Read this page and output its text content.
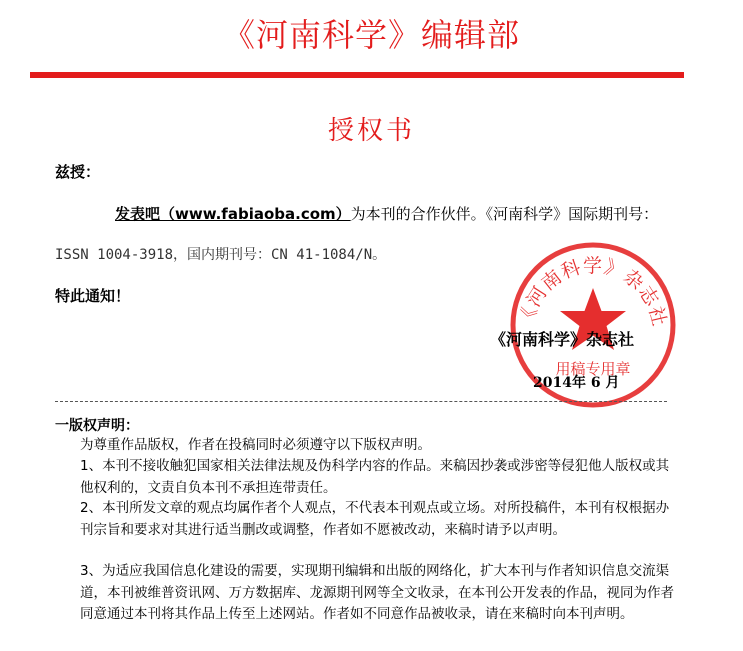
《河南科学》编辑部
授权书
兹授：
发表吧（www.fabiaoba.com）为本刊的合作伙伴。《河南科学》国际期刊号：
ISSN 1004-3918，国内期刊号：CN 41-1084/N。
特此通知！
《河南科学》杂志社
用稿专用章
《河南科学》杂志社
2014年 6 月
一版权声明：
为尊重作品版权，作者在投稿同时必须遵守以下版权声明。
1、本刊不接收触犯国家相关法律法规及伪科学内容的作品。来稿因抄袭或涉密等侵犯他人版权或其他权利的，文责自负本刊不承担连带责任。
2、本刊所发文章的观点均属作者个人观点，不代表本刊观点或立场。对所投稿件，本刊有权根据办刊宗旨和要求对其进行适当删改或调整，作者如不愿被改动，来稿时请予以声明。
3、为适应我国信息化建设的需要，实现期刊编辑和出版的网络化，扩大本刊与作者知识信息交流渠道，本刊被维普资讯网、万方数据库、龙源期刊网等全文收录，在本刊公开发表的作品，视同为作者同意通过本刊将其作品上传至上述网站。作者如不同意作品被收录，请在来稿时向本刊声明。
